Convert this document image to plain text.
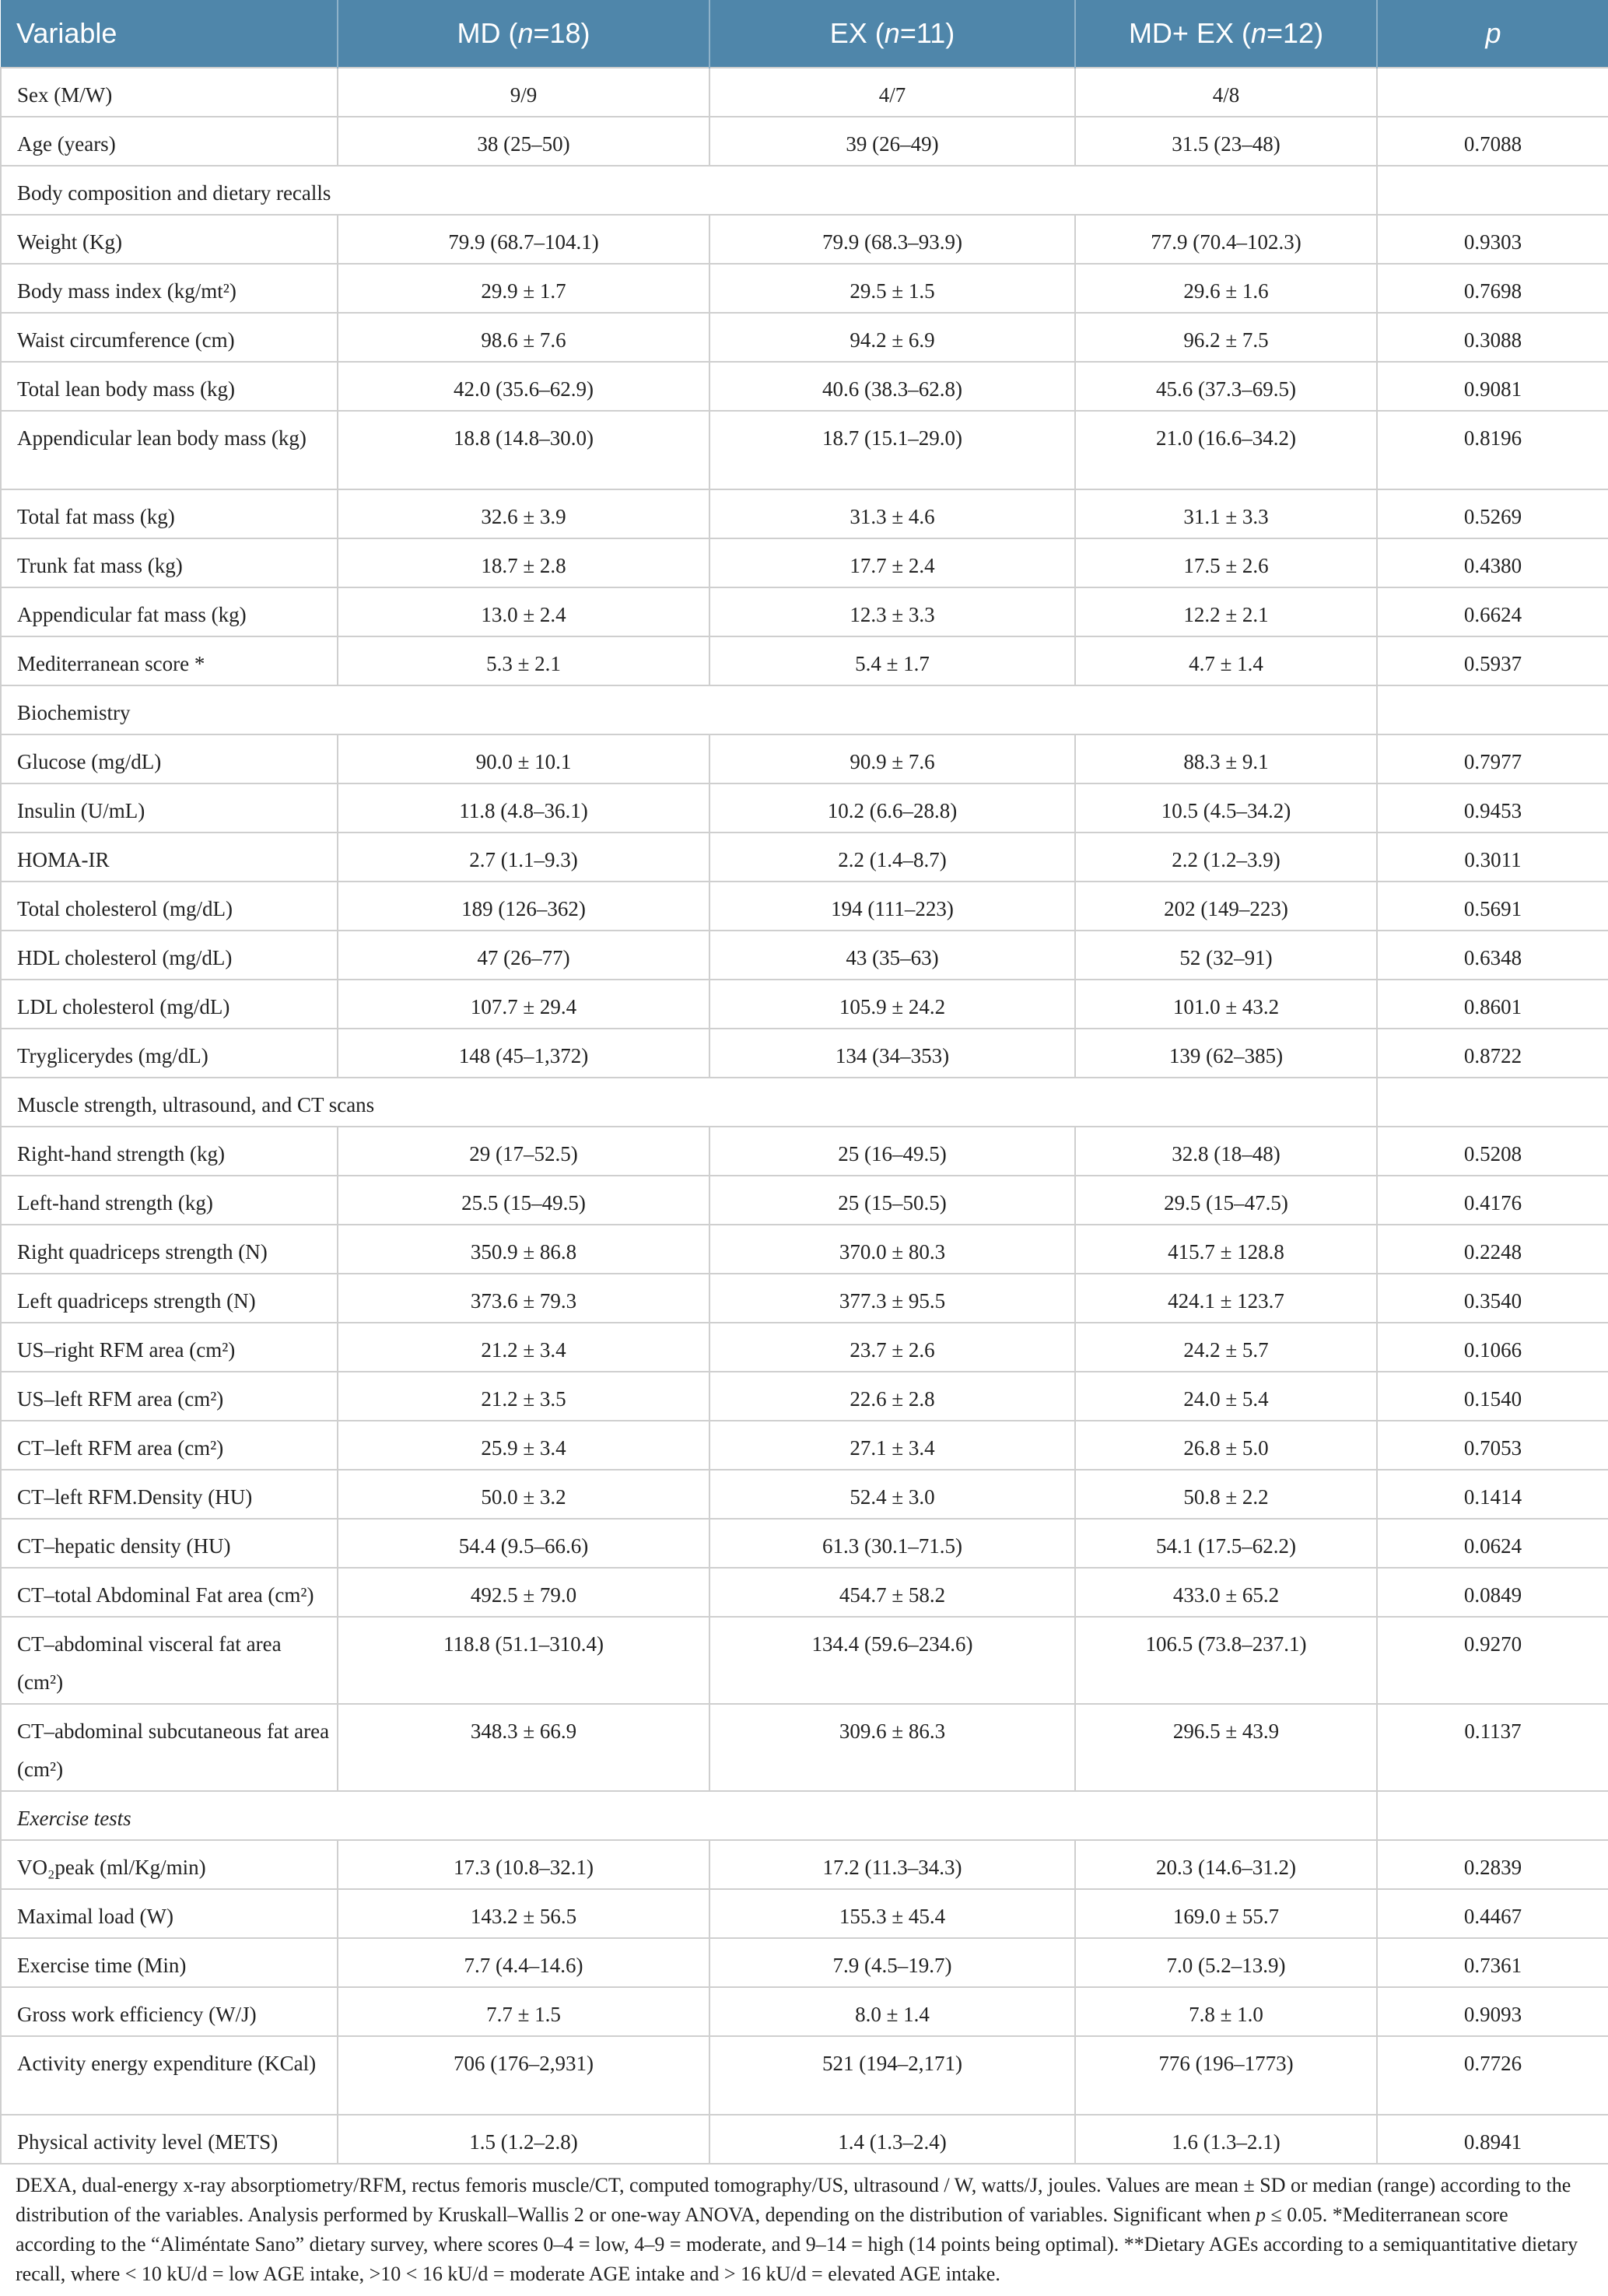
Variable	MD (n=18)	EX (n=11)	MD+ EX (n=12)	p
Sex (M/W)	9/9	4/7	4/8	
Age (years)	38 (25–50)	39 (26–49)	31.5 (23–48)	0.7088
Body composition and dietary recalls				
Weight (Kg)	79.9 (68.7–104.1)	79.9 (68.3–93.9)	77.9 (70.4–102.3)	0.9303
Body mass index (kg/mt²)	29.9 ± 1.7	29.5 ± 1.5	29.6 ± 1.6	0.7698
Waist circumference (cm)	98.6 ± 7.6	94.2 ± 6.9	96.2 ± 7.5	0.3088
Total lean body mass (kg)	42.0 (35.6–62.9)	40.6 (38.3–62.8)	45.6 (37.3–69.5)	0.9081
Appendicular lean body mass (kg)	18.8 (14.8–30.0)	18.7 (15.1–29.0)	21.0 (16.6–34.2)	0.8196
Total fat mass (kg)	32.6 ± 3.9	31.3 ± 4.6	31.1 ± 3.3	0.5269
Trunk fat mass (kg)	18.7 ± 2.8	17.7 ± 2.4	17.5 ± 2.6	0.4380
Appendicular fat mass (kg)	13.0 ± 2.4	12.3 ± 3.3	12.2 ± 2.1	0.6624
Mediterranean score *	5.3 ± 2.1	5.4 ± 1.7	4.7 ± 1.4	0.5937
Biochemistry				
Glucose (mg/dL)	90.0 ± 10.1	90.9 ± 7.6	88.3 ± 9.1	0.7977
Insulin (U/mL)	11.8 (4.8–36.1)	10.2 (6.6–28.8)	10.5 (4.5–34.2)	0.9453
HOMA-IR	2.7 (1.1–9.3)	2.2 (1.4–8.7)	2.2 (1.2–3.9)	0.3011
Total cholesterol (mg/dL)	189 (126–362)	194 (111–223)	202 (149–223)	0.5691
HDL cholesterol (mg/dL)	47 (26–77)	43 (35–63)	52 (32–91)	0.6348
LDL cholesterol (mg/dL)	107.7 ± 29.4	105.9 ± 24.2	101.0 ± 43.2	0.8601
Tryglicerydes (mg/dL)	148 (45–1,372)	134 (34–353)	139 (62–385)	0.8722
Muscle strength, ultrasound, and CT scans				
Right-hand strength (kg)	29 (17–52.5)	25 (16–49.5)	32.8 (18–48)	0.5208
Left-hand strength (kg)	25.5 (15–49.5)	25 (15–50.5)	29.5 (15–47.5)	0.4176
Right quadriceps strength (N)	350.9 ± 86.8	370.0 ± 80.3	415.7 ± 128.8	0.2248
Left quadriceps strength (N)	373.6 ± 79.3	377.3 ± 95.5	424.1 ± 123.7	0.3540
US–right RFM area (cm²)	21.2 ± 3.4	23.7 ± 2.6	24.2 ± 5.7	0.1066
US–left RFM area (cm²)	21.2 ± 3.5	22.6 ± 2.8	24.0 ± 5.4	0.1540
CT–left RFM area (cm²)	25.9 ± 3.4	27.1 ± 3.4	26.8 ± 5.0	0.7053
CT–left RFM.Density (HU)	50.0 ± 3.2	52.4 ± 3.0	50.8 ± 2.2	0.1414
CT–hepatic density (HU)	54.4 (9.5–66.6)	61.3 (30.1–71.5)	54.1 (17.5–62.2)	0.0624
CT–total Abdominal Fat area (cm²)	492.5 ± 79.0	454.7 ± 58.2	433.0 ± 65.2	0.0849
CT–abdominal visceral fat area (cm²)	118.8 (51.1–310.4)	134.4 (59.6–234.6)	106.5 (73.8–237.1)	0.9270
CT–abdominal subcutaneous fat area (cm²)	348.3 ± 66.9	309.6 ± 86.3	296.5 ± 43.9	0.1137
Exercise tests				
VO₂peak (ml/Kg/min)	17.3 (10.8–32.1)	17.2 (11.3–34.3)	20.3 (14.6–31.2)	0.2839
Maximal load (W)	143.2 ± 56.5	155.3 ± 45.4	169.0 ± 55.7	0.4467
Exercise time (Min)	7.7 (4.4–14.6)	7.9 (4.5–19.7)	7.0 (5.2–13.9)	0.7361
Gross work efficiency (W/J)	7.7 ± 1.5	8.0 ± 1.4	7.8 ± 1.0	0.9093
Activity energy expenditure (KCal)	706 (176–2,931)	521 (194–2,171)	776 (196–1773)	0.7726
Physical activity level (METS)	1.5 (1.2–2.8)	1.4 (1.3–2.4)	1.6 (1.3–2.1)	0.8941
DEXA, dual-energy x-ray absorptiometry/RFM, rectus femoris muscle/CT, computed tomography/US, ultrasound / W, watts/J, joules. Values are mean ± SD or median (range) according to the distribution of the variables. Analysis performed by Kruskall–Wallis 2 or one-way ANOVA, depending on the distribution of variables. Significant when p ≤ 0.05. *Mediterranean score according to the “Aliméntate Sano” dietary survey, where scores 0–4 = low, 4–9 = moderate, and 9–14 = high (14 points being optimal). **Dietary AGEs according to a semiquantitative dietary recall, where < 10 kU/d = low AGE intake, >10 < 16 kU/d = moderate AGE intake and > 16 kU/d = elevated AGE intake.
